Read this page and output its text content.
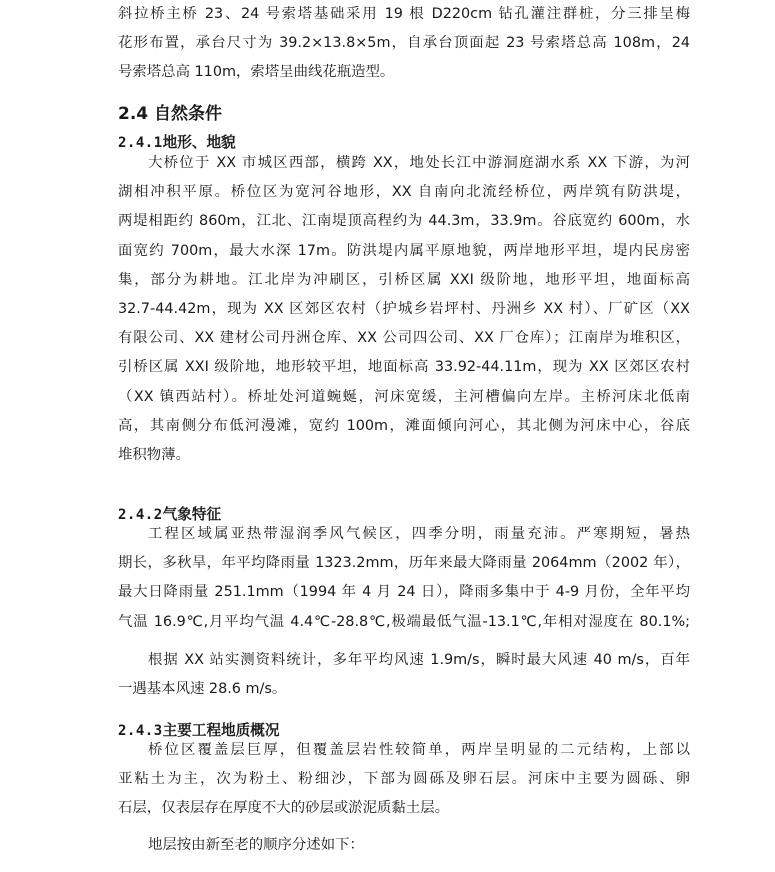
斜拉桥主桥 23、24 号索塔基础采用 19 根 D220cm 钻孔灌注群桩，分三排呈梅
花形布置，承台尺寸为 39.2×13.8×5m，自承台顶面起 23 号索塔总高 108m，24
号索塔总高 110m，索塔呈曲线花瓶造型。
2.4 自然条件
2.4.1地形、地貌
大桥位于 XX 市城区西部，横跨 XX，地处长江中游洞庭湖水系 XX 下游，为河
湖相冲积平原。桥位区为宽河谷地形，XX 自南向北流经桥位，两岸筑有防洪堤，
两堤相距约 860m，江北、江南堤顶高程约为 44.3m，33.9m。谷底宽约 600m，水
面宽约 700m，最大水深 17m。防洪堤内属平原地貌，两岸地形平坦，堤内民房密
集，部分为耕地。江北岸为冲刷区，引桥区属 XXI 级阶地，地形平坦，地面标高
32.7-44.42m，现为 XX 区郊区农村（护城乡岩坪村、丹洲乡 XX 村）、厂矿区（XX
有限公司、XX 建材公司丹洲仓库、XX 公司四公司、XX 厂仓库）；江南岸为堆积区，
引桥区属 XXI 级阶地，地形较平坦，地面标高 33.92-44.11m，现为 XX 区郊区农村
（XX 镇西站村）。桥址处河道蜿蜒，河床宽缓，主河槽偏向左岸。主桥河床北低南
高，其南侧分布低河漫滩，宽约 100m，滩面倾向河心，其北侧为河床中心，谷底
堆积物薄。
2.4.2气象特征
工程区域属亚热带湿润季风气候区，四季分明，雨量充沛。严寒期短，暑热
期长，多秋旱，年平均降雨量 1323.2mm，历年来最大降雨量 2064mm（2002 年），
最大日降雨量 251.1mm（1994 年 4 月 24 日），降雨多集中于 4-9 月份，全年平均
气温 16.9℃,月平均气温 4.4℃-28.8℃,极端最低气温-13.1℃,年相对湿度在 80.1%;
根据 XX 站实测资料统计，多年平均风速 1.9m/s，瞬时最大风速 40 m/s，百年
一遇基本风速 28.6 m/s。
2.4.3主要工程地质概况
桥位区覆盖层巨厚，但覆盖层岩性较简单，两岸呈明显的二元结构，上部以
亚粘土为主，次为粉土、粉细沙，下部为圆砾及卵石层。河床中主要为圆砾、卵
石层，仅表层存在厚度不大的砂层或淤泥质黏土层。
地层按由新至老的顺序分述如下：
